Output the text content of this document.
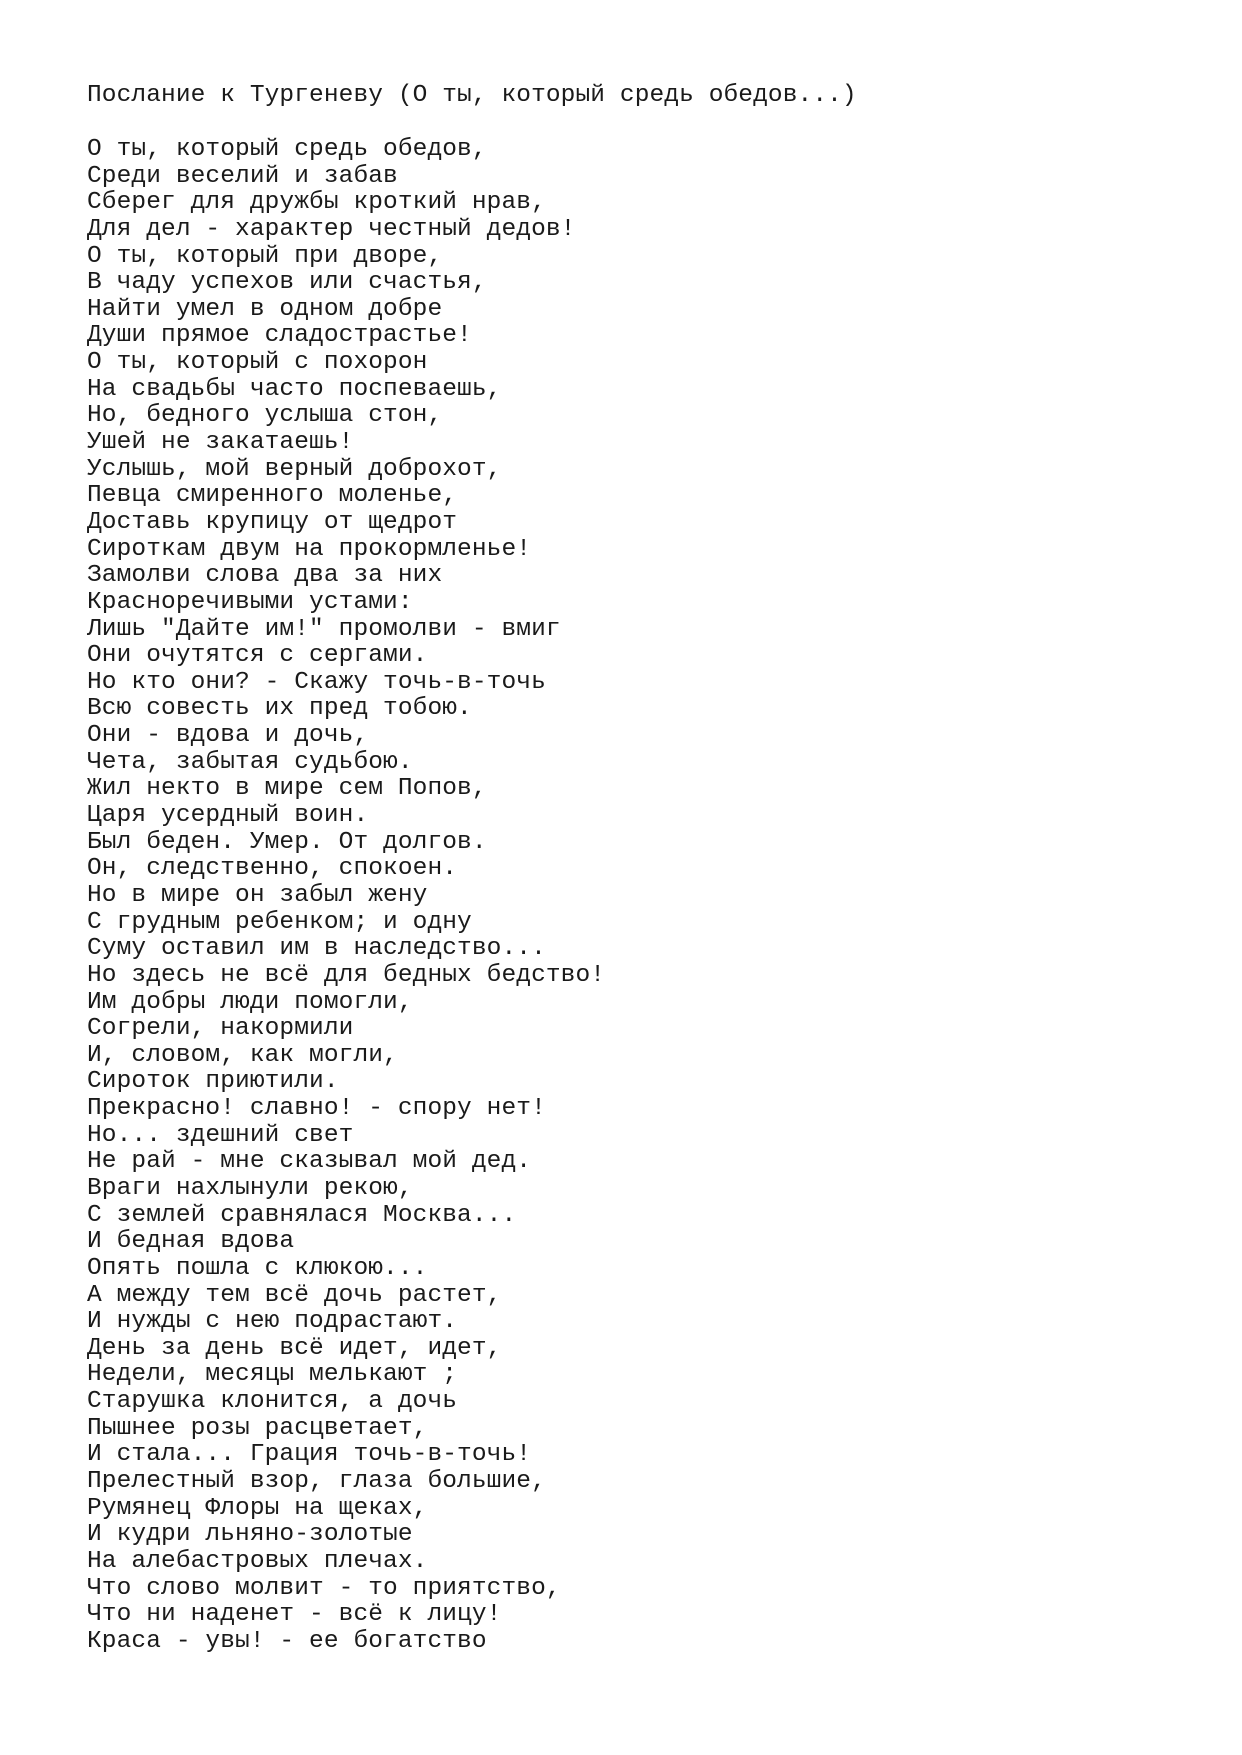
Послание к Тургеневу (О ты, который средь обедов...)
О ты, который средь обедов,
Среди веселий и забав
Сберег для дружбы кроткий нрав,
Для дел - характер честный дедов!
О ты, который при дворе,
В чаду успехов или счастья,
Найти умел в одном добре
Души прямое сладострастье!
О ты, который с похорон
На свадьбы часто поспеваешь,
Но, бедного услыша стон,
Ушей не закатаешь!
Услышь, мой верный доброхот,
Певца смиренного моленье,
Доставь крупицу от щедрот
Сироткам двум на прокормленье!
Замолви слова два за них
Красноречивыми устами:
Лишь "Дайте им!" промолви - вмиг
Они очутятся с сергами.
Но кто они? - Скажу точь-в-точь
Всю совесть их пред тобою.
Они - вдова и дочь,
Чета, забытая судьбою.
Жил некто в мире сем Попов,
Царя усердный воин.
Был беден. Умер. От долгов.
Он, следственно, спокоен.
Но в мире он забыл жену
С грудным ребенком; и одну
Суму оставил им в наследство...
Но здесь не всё для бедных бедство!
Им добры люди помогли,
Согрели, накормили
И, словом, как могли,
Сироток приютили.
Прекрасно! славно! - спору нет!
Но... здешний свет
Не рай - мне сказывал мой дед.
Враги нахлынули рекою,
С землей сравнялася Москва...
И бедная вдова
Опять пошла с клюкою...
А между тем всё дочь растет,
И нужды с нею подрастают.
День за день всё идет, идет,
Недели, месяцы мелькают ;
Старушка клонится, а дочь
Пышнее розы расцветает,
И стала... Грация точь-в-точь!
Прелестный взор, глаза большие,
Румянец Флоры на щеках,
И кудри льняно-золотые
На алебастровых плечах.
Что слово молвит - то приятство,
Что ни наденет - всё к лицу!
Краса - увы! - ее богатство
